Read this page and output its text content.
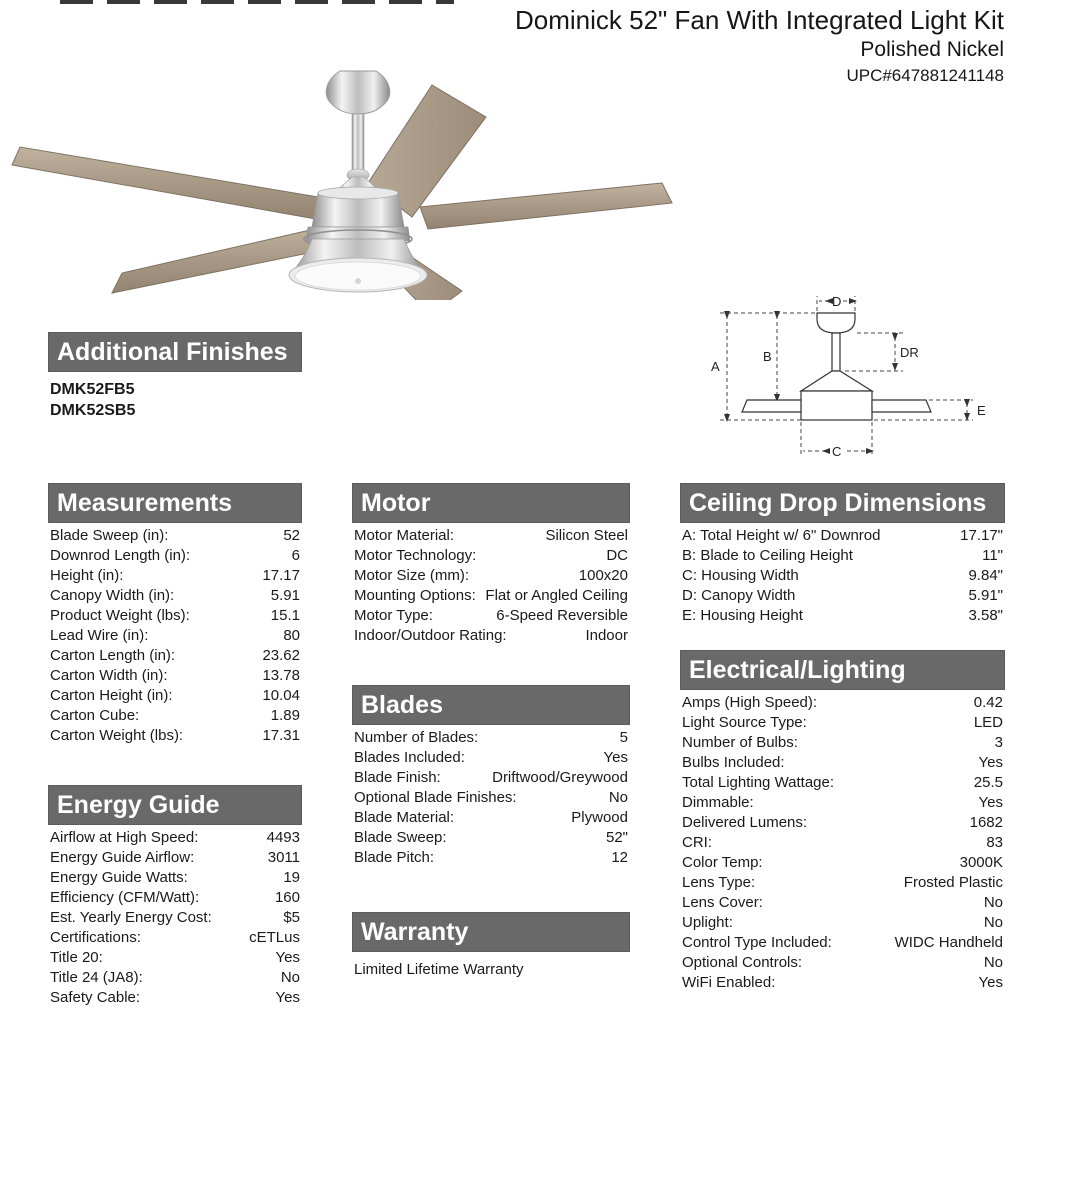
Dominick 52" Fan With Integrated Light Kit
Polished Nickel
UPC#647881241148
D
A
B	DR
C
E
Additional Finishes
DMK52FB5
DMK52SB5
Measurements
Blade Sweep (in):	52
Downrod Length (in):	6
Height (in):	17.17
Canopy Width (in):	5.91
Product Weight (lbs):	15.1
Lead Wire (in):	80
Carton Length (in):	23.62
Carton Width (in):	13.78
Carton Height (in):	10.04
Carton Cube:	1.89
Carton Weight (lbs):	17.31
Energy Guide
Airflow at High Speed:	4493
Energy Guide Airflow:	3011
Energy Guide Watts:	19
Efficiency (CFM/Watt):	160
Est. Yearly Energy Cost:	$5
Certifications:	cETLus
Title 20:	Yes
Title 24 (JA8):	No
Safety Cable:	Yes
Motor
Motor Material:	Silicon Steel
Motor Technology:	DC
Motor Size (mm):	100x20
Mounting Options: Flat or Angled Ceiling
Motor Type:	6-Speed Reversible
Indoor/Outdoor Rating:	Indoor
Blades
Number of Blades:	5
Blades Included:	Yes
Blade Finish:	Driftwood/Greywood
Optional Blade Finishes:	No
Blade Material:	Plywood
Blade Sweep:	52"
Blade Pitch:	12
Warranty
Limited Lifetime Warranty
Ceiling Drop Dimensions
A: Total Height w/ 6" Downrod	17.17"
B: Blade to Ceiling Height	11"
C: Housing Width	9.84"
D: Canopy Width	5.91"
E: Housing Height	3.58"
Electrical/Lighting
Amps (High Speed):	0.42
Light Source Type:	LED
Number of Bulbs:	3
Bulbs Included:	Yes
Total Lighting Wattage:	25.5
Dimmable:	Yes
Delivered Lumens:	1682
CRI:	83
Color Temp:	3000K
Lens Type:	Frosted Plastic
Lens Cover:	No
Uplight:	No
Control Type Included:	WIDC Handheld
Optional Controls:	No
WiFi Enabled:	Yes
